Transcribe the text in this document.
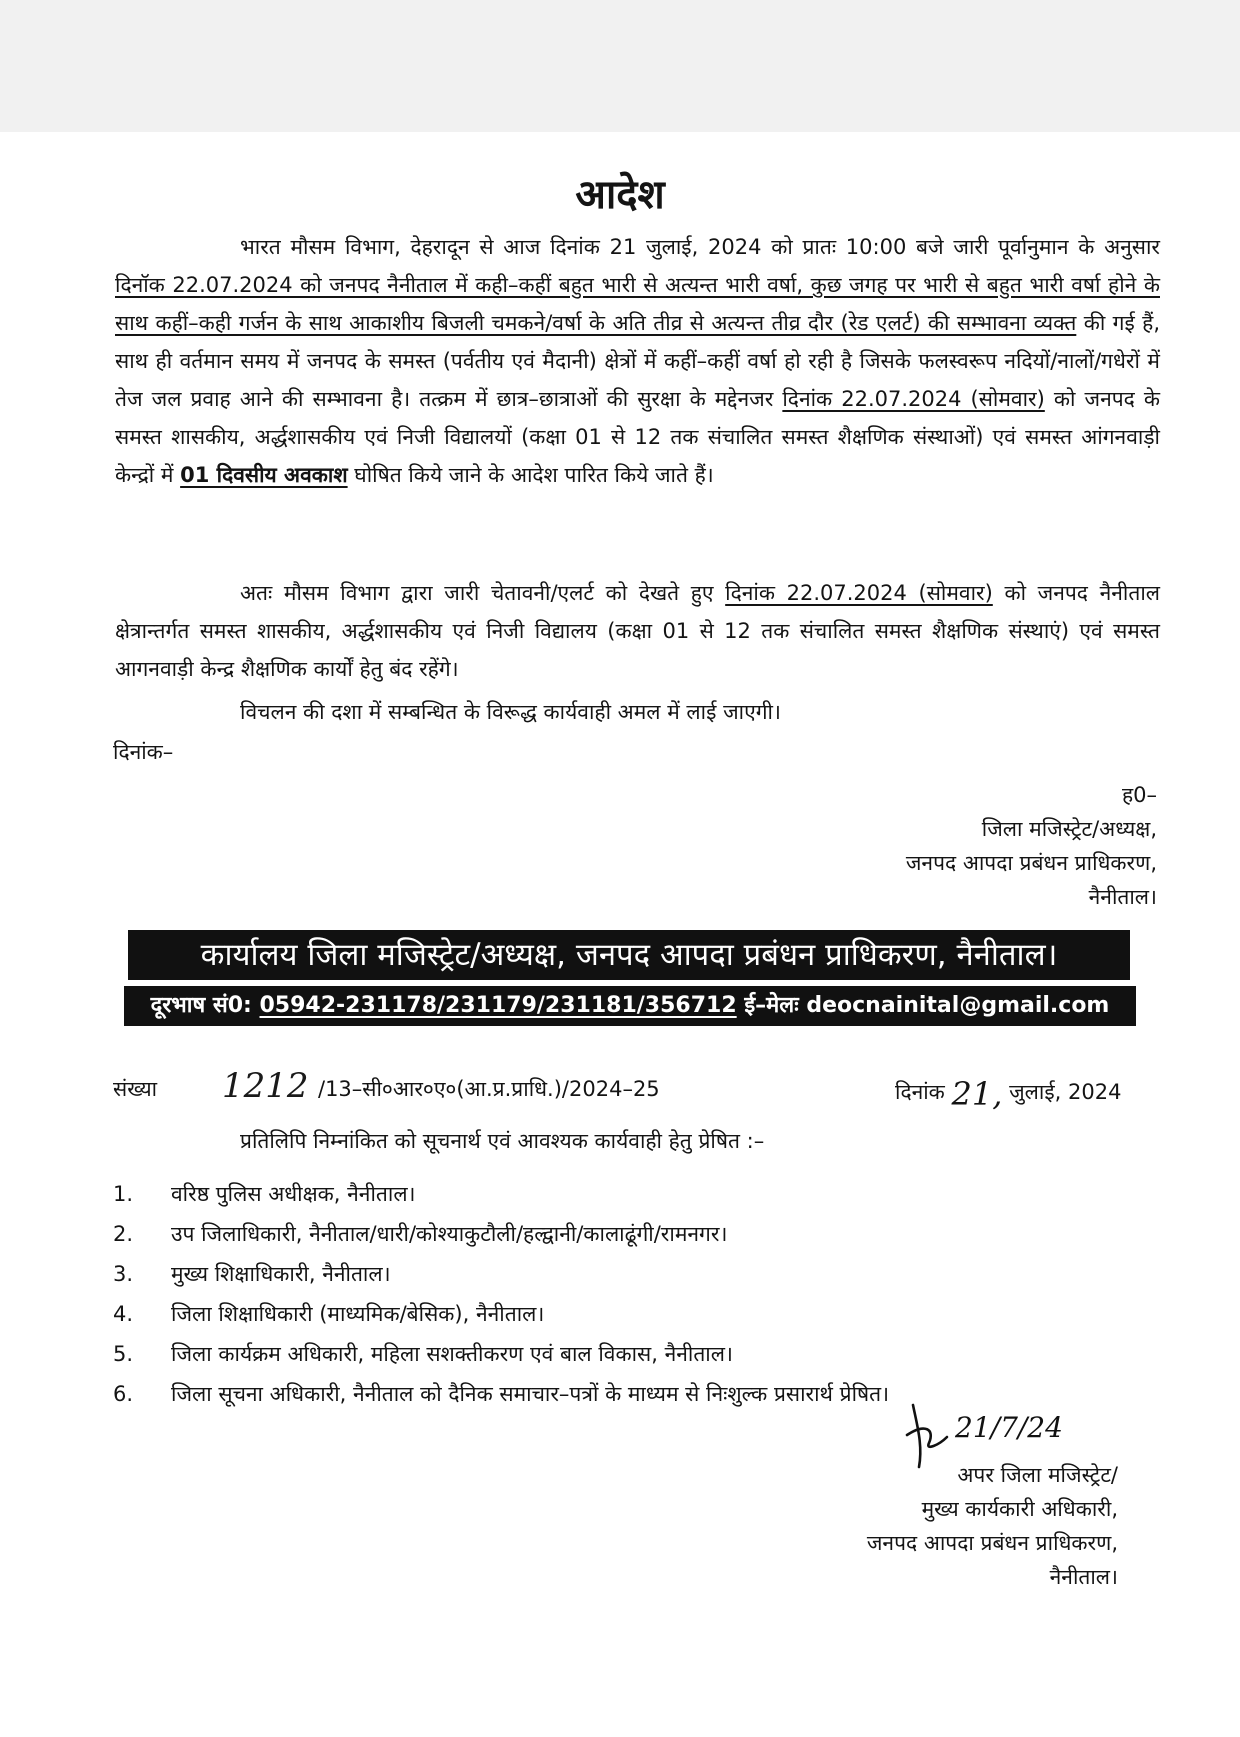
आदेश
भारत मौसम विभाग, देहरादून से आज दिनांक 21 जुलाई, 2024 को प्रातः 10:00 बजे जारी पूर्वानुमान के अनुसार दिनॉक 22.07.2024 को जनपद नैनीताल में कही–कहीं बहुत भारी से अत्यन्त भारी वर्षा, कुछ जगह पर भारी से बहुत भारी वर्षा होने के साथ कहीं–कही गर्जन के साथ आकाशीय बिजली चमकने/वर्षा के अति तीव्र से अत्यन्त तीव्र दौर (रेड एलर्ट) की सम्भावना व्यक्त की गई हैं, साथ ही वर्तमान समय में जनपद के समस्त (पर्वतीय एवं मैदानी) क्षेत्रों में कहीं–कहीं वर्षा हो रही है जिसके फलस्वरूप नदियों/नालों/गधेरों में तेज जल प्रवाह आने की सम्भावना है। तत्क्रम में छात्र–छात्राओं की सुरक्षा के मद्देनजर दिनांक 22.07.2024 (सोमवार) को जनपद के समस्त शासकीय, अर्द्धशासकीय एवं निजी विद्यालयों (कक्षा 01 से 12 तक संचालित समस्त शैक्षणिक संस्थाओं) एवं समस्त आंगनवाड़ी केन्द्रों में 01 दिवसीय अवकाश घोषित किये जाने के आदेश पारित किये जाते हैं।
अतः मौसम विभाग द्वारा जारी चेतावनी/एलर्ट को देखते हुए दिनांक 22.07.2024 (सोमवार) को जनपद नैनीताल क्षेत्रान्तर्गत समस्त शासकीय, अर्द्धशासकीय एवं निजी विद्यालय (कक्षा 01 से 12 तक संचालित समस्त शैक्षणिक संस्थाएं) एवं समस्त आगनवाड़ी केन्द्र शैक्षणिक कार्यों हेतु बंद रहेंगे।
विचलन की दशा में सम्बन्धित के विरूद्ध कार्यवाही अमल में लाई जाएगी।
दिनांक–
ह0–
जिला मजिस्ट्रेट/अध्यक्ष,
जनपद आपदा प्रबंधन प्राधिकरण,
नैनीताल।
कार्यालय जिला मजिस्ट्रेट/अध्यक्ष, जनपद आपदा प्रबंधन प्राधिकरण, नैनीताल।
दूरभाष सं0: 05942-231178/231179/231181/356712 ई–मेलः deocnainital@gmail.com
संख्या 1212 /13–सी०आर०ए०(आ.प्र.प्राधि.)/2024–25	दिनांक 21, जुलाई, 2024
प्रतिलिपि निम्नांकित को सूचनार्थ एवं आवश्यक कार्यवाही हेतु प्रेषित :–
1.	वरिष्ठ पुलिस अधीक्षक, नैनीताल।
2.	उप जिलाधिकारी, नैनीताल/धारी/कोश्याकुटौली/हल्द्वानी/कालाढूंगी/रामनगर।
3.	मुख्य शिक्षाधिकारी, नैनीताल।
4.	जिला शिक्षाधिकारी (माध्यमिक/बेसिक), नैनीताल।
5.	जिला कार्यक्रम अधिकारी, महिला सशक्तीकरण एवं बाल विकास, नैनीताल।
6.	जिला सूचना अधिकारी, नैनीताल को दैनिक समाचार–पत्रों के माध्यम से निःशुल्क प्रसारार्थ प्रेषित।
21/7/24
अपर जिला मजिस्ट्रेट/
मुख्य कार्यकारी अधिकारी,
जनपद आपदा प्रबंधन प्राधिकरण,
नैनीताल।
